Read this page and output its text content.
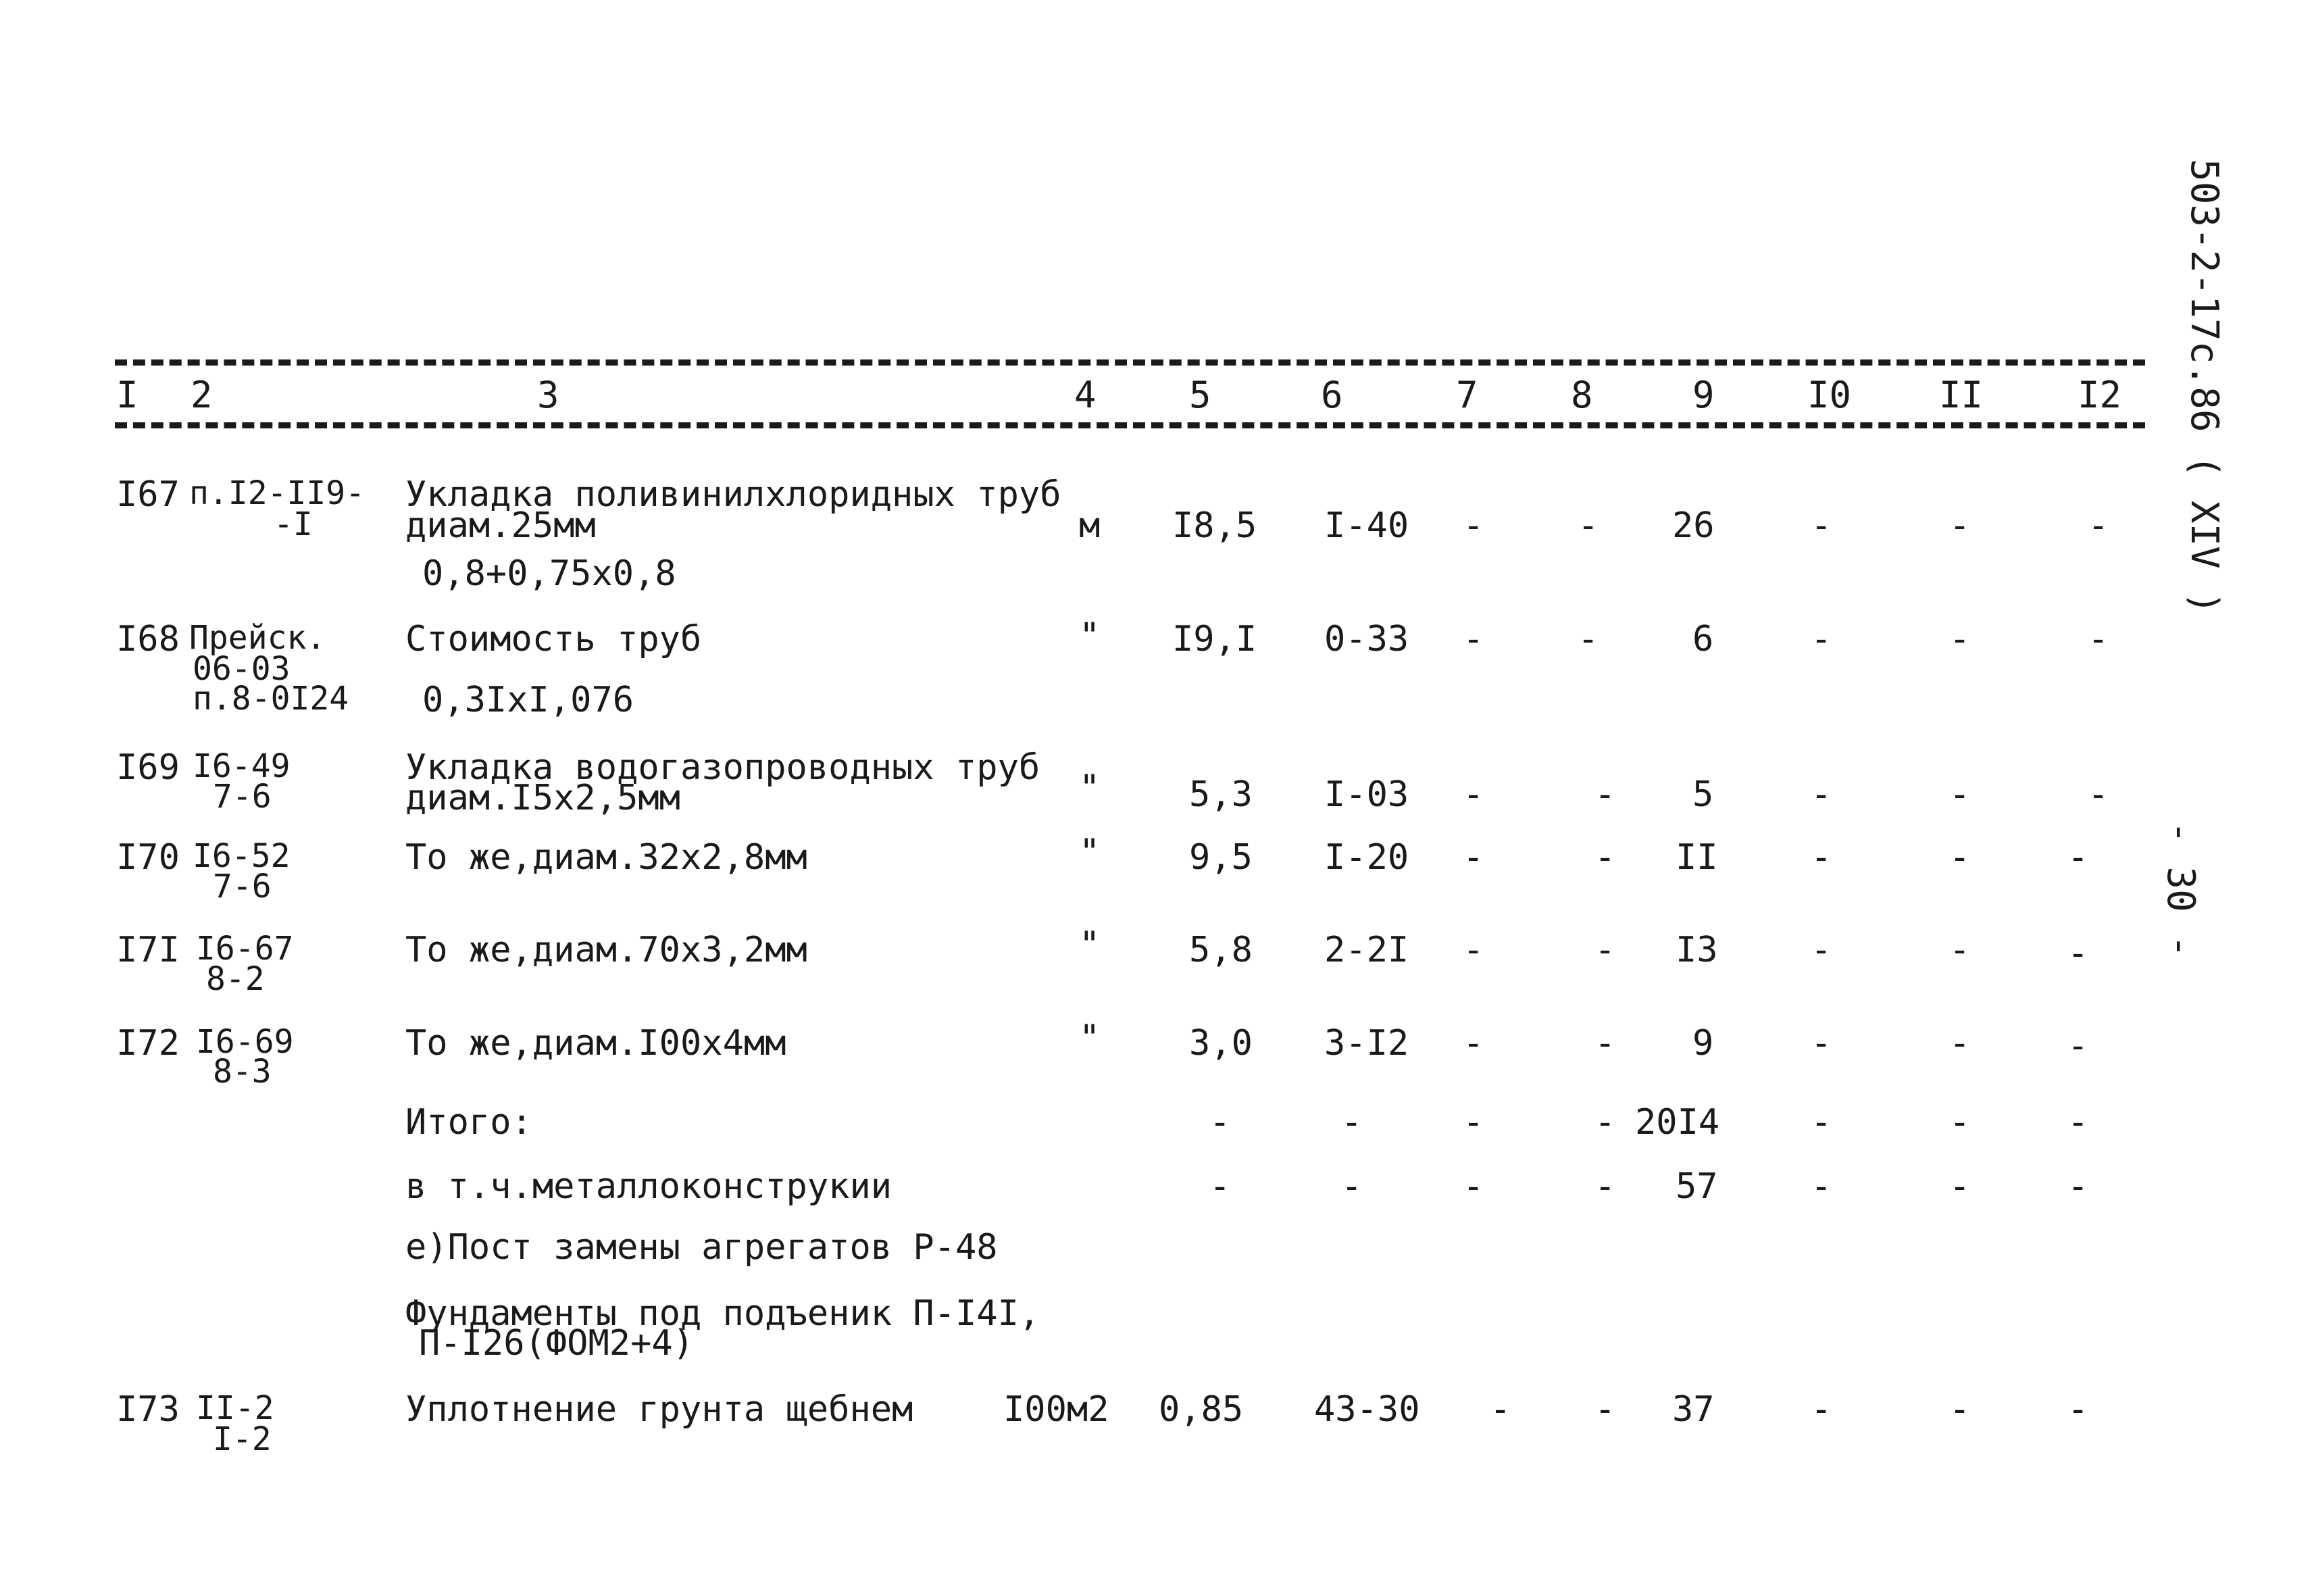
503-2-17с.86 ( XIV )
- 30 -
I 2	3	4	5	6	7	8	9	I0 II	I2
I67 п.I2-II9-
-I
Укладка поливинилхлоридных труб
диам.25мм
0,8+0,75х0,8
м I8,5 I-40 -	- 26	-	-	-
I68 Прейск.
06-03
п.8-0I24
Стоимость труб
0,3IхI,076
" I9,I 0-33 -	-	6	-	-	-
I69 I6-49
7-6
Укладка водогазопроводных труб
диам.I5х2,5мм	"	5,3 I-03 -	- 5	-	-	-
I70 I6-52
7-6
То же,диам.32х2,8мм	"	9,5 I-20 -	- II	-	-	-
I7I I6-67
8-2
То же,диам.70х3,2мм	"	5,8 2-2I -	- I3	-	-	-
I72 I6-69
8-3
То же,диам.I00х4мм	"	3,0 3-I2 -	- 9	-	-	-
Итого:	-	-	-	- 20I4	-	-	-
в т.ч.металлоконструкии	-	-	-	- 57	-	-	-
е)Пост замены агрегатов Р-48
Фундаменты под подъеник П-I4I,
П-I26(ФОМ2+4)
I73 II-2
I-2
Уплотнение грунта щебнем	I00м2 0,85 43-30 - - 37	-	-	-
